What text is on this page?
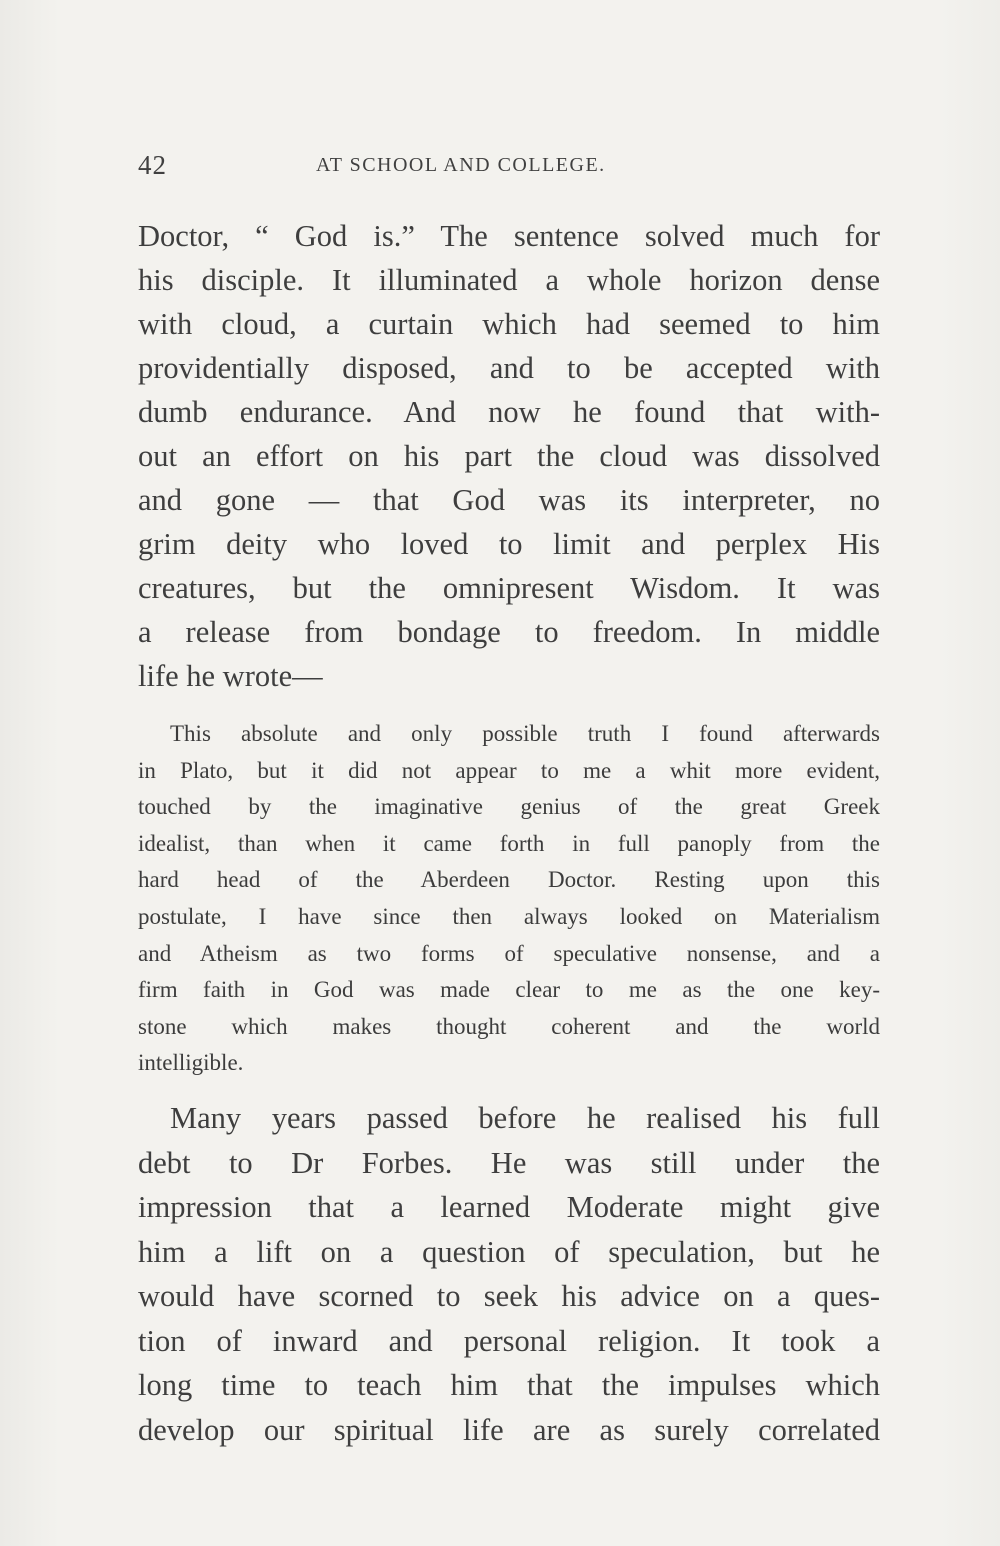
42	AT SCHOOL AND COLLEGE.
Doctor, “ God is.” The sentence solved much for
his disciple. It illuminated a whole horizon dense
with cloud, a curtain which had seemed to him
providentially disposed, and to be accepted with
dumb endurance. And now he found that with-
out an effort on his part the cloud was dissolved
and gone — that God was its interpreter, no
grim deity who loved to limit and perplex His
creatures, but the omnipresent Wisdom. It was
a release from bondage to freedom. In middle
life he wrote—
This absolute and only possible truth I found afterwards
in Plato, but it did not appear to me a whit more evident,
touched by the imaginative genius of the great Greek
idealist, than when it came forth in full panoply from the
hard head of the Aberdeen Doctor. Resting upon this
postulate, I have since then always looked on Materialism
and Atheism as two forms of speculative nonsense, and a
firm faith in God was made clear to me as the one key-
stone which makes thought coherent and the world
intelligible.
Many years passed before he realised his full
debt to Dr Forbes. He was still under the
impression that a learned Moderate might give
him a lift on a question of speculation, but he
would have scorned to seek his advice on a ques-
tion of inward and personal religion. It took a
long time to teach him that the impulses which
develop our spiritual life are as surely correlated
